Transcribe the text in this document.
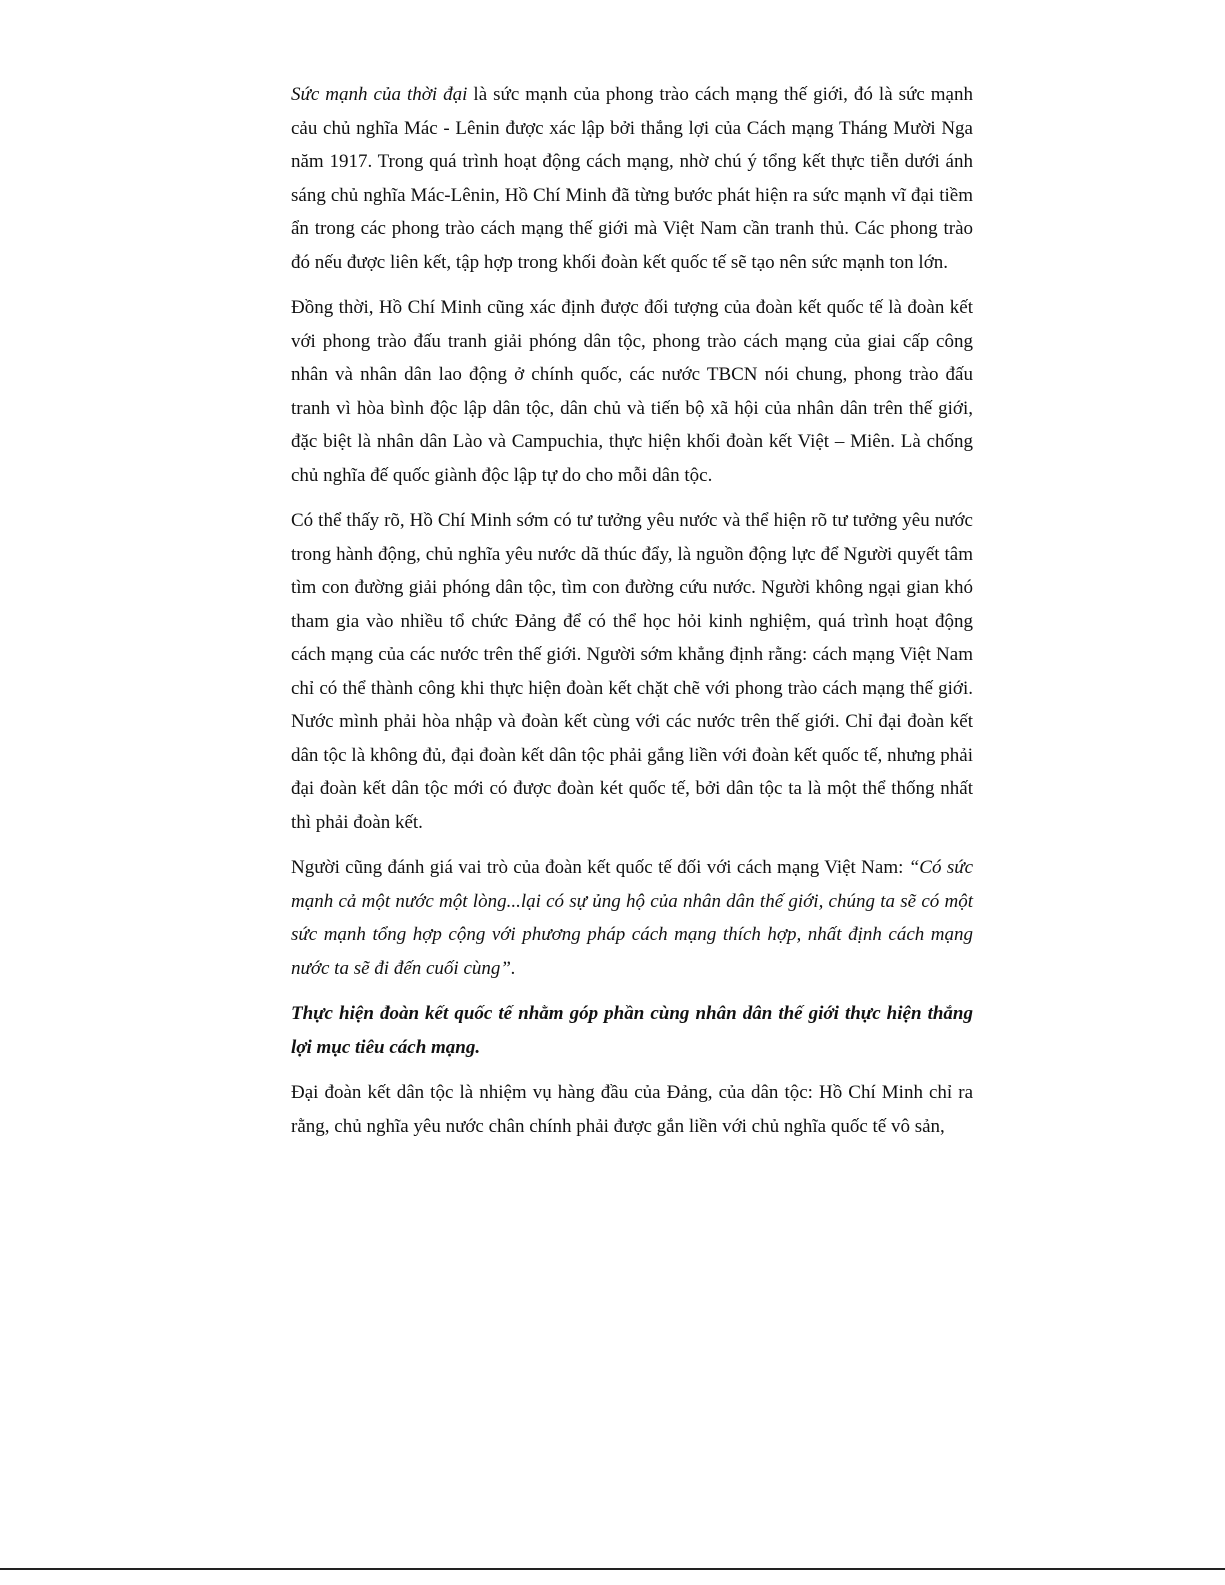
Sức mạnh của thời đại là sức mạnh của phong trào cách mạng thế giới, đó là sức mạnh cảu chủ nghĩa Mác - Lênin được xác lập bởi thắng lợi của Cách mạng Tháng Mười Nga năm 1917. Trong quá trình hoạt động cách mạng, nhờ chú ý tổng kết thực tiễn dưới ánh sáng chủ nghĩa Mác-Lênin, Hồ Chí Minh đã từng bước phát hiện ra sức mạnh vĩ đại tiềm ẩn trong các phong trào cách mạng thế giới mà Việt Nam cần tranh thủ. Các phong trào đó nếu được liên kết, tập hợp trong khối đoàn kết quốc tế sẽ tạo nên sức mạnh ton lớn.

Đồng thời, Hồ Chí Minh cũng xác định được đối tượng của đoàn kết quốc tế là đoàn kết với phong trào đấu tranh giải phóng dân tộc, phong trào cách mạng của giai cấp công nhân và nhân dân lao động ở chính quốc, các nước TBCN nói chung, phong trào đấu tranh vì hòa bình độc lập dân tộc, dân chủ và tiến bộ xã hội của nhân dân trên thế giới, đặc biệt là nhân dân Lào và Campuchia, thực hiện khối đoàn kết Việt – Miên. Là chống chủ nghĩa đế quốc giành độc lập tự do cho mỗi dân tộc.

Có thể thấy rõ, Hồ Chí Minh sớm có tư tưởng yêu nước và thể hiện rõ tư tưởng yêu nước trong hành động, chủ nghĩa yêu nước dã thúc đẩy, là nguồn động lực để Người quyết tâm tìm con đường giải phóng dân tộc, tìm con đường cứu nước. Người không ngại gian khó tham gia vào nhiều tổ chức Đảng để có thể học hỏi kinh nghiệm, quá trình hoạt động cách mạng của các nước trên thế giới. Người sớm khẳng định rằng: cách mạng Việt Nam chỉ có thể thành công khi thực hiện đoàn kết chặt chẽ với phong trào cách mạng thế giới. Nước mình phải hòa nhập và đoàn kết cùng với các nước trên thế giới. Chỉ đại đoàn kết dân tộc là không đủ, đại đoàn kết dân tộc phải gắng liền với đoàn kết quốc tế, nhưng phải đại đoàn kết dân tộc mới có được đoàn két quốc tế, bởi dân tộc ta là một thể thống nhất thì phải đoàn kết.

Người cũng đánh giá vai trò của đoàn kết quốc tế đối với cách mạng Việt Nam: “Có sức mạnh cả một nước một lòng...lại có sự ủng hộ của nhân dân thế giới, chúng ta sẽ có một sức mạnh tổng hợp cộng với phương pháp cách mạng thích hợp, nhất định cách mạng nước ta sẽ đi đến cuối cùng”.

Thực hiện đoàn kết quốc tế nhằm góp phần cùng nhân dân thế giới thực hiện thắng lợi mục tiêu cách mạng.

Đại đoàn kết dân tộc là nhiệm vụ hàng đầu của Đảng, của dân tộc: Hồ Chí Minh chỉ ra rằng, chủ nghĩa yêu nước chân chính phải được gắn liền với chủ nghĩa quốc tế vô sản,
